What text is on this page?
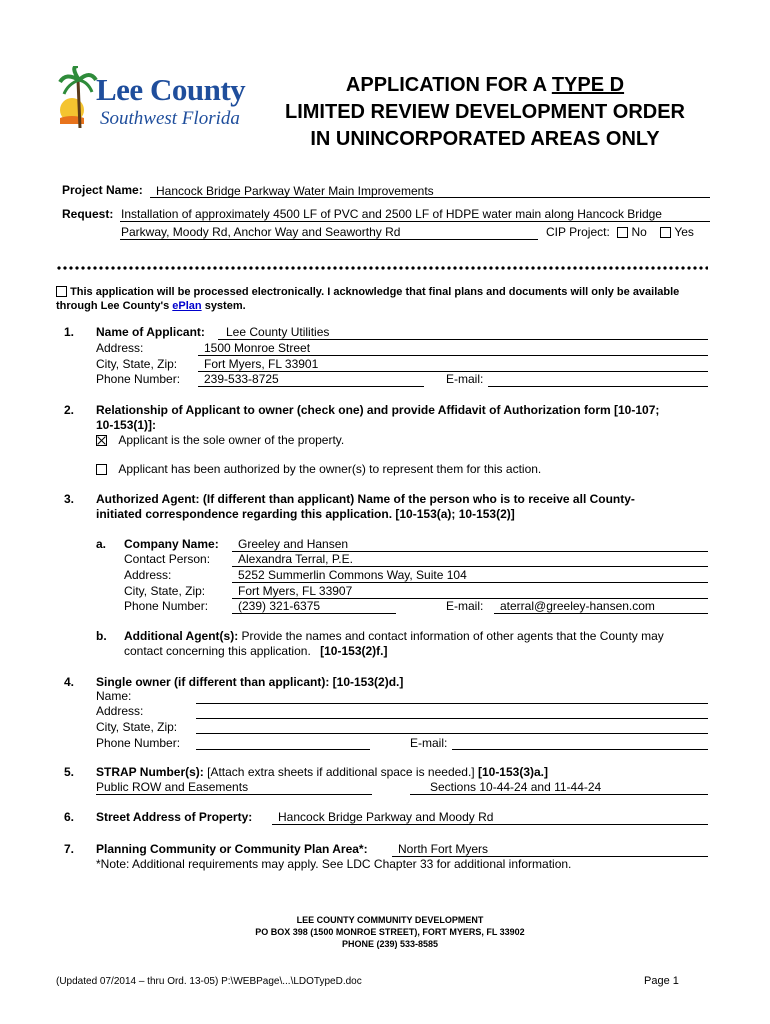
Lee County
Southwest Florida
APPLICATION FOR A TYPE D
LIMITED REVIEW DEVELOPMENT ORDER
IN UNINCORPORATED AREAS ONLY
Project Name: Hancock Bridge Parkway Water Main Improvements
Request: Installation of approximately 4500 LF of PVC and 2500 LF of HDPE water main along Hancock Bridge
Parkway, Moody Rd, Anchor Way and Seaworthy Rd	CIP Project: No Yes
This application will be processed electronically. I acknowledge that final plans and documents will only be available
through Lee County's ePlan system.
1. Name of Applicant: Lee County Utilities
Address:	1500 Monroe Street
City, State, Zip: Fort Myers, FL 33901
Phone Number: 239-533-8725	E-mail:
2. Relationship of Applicant to owner (check one) and provide Affidavit of Authorization form [10-107;
10-153(1)]:
Applicant is the sole owner of the property.
Applicant has been authorized by the owner(s) to represent them for this action.
3. Authorized Agent: (If different than applicant) Name of the person who is to receive all County-
initiated correspondence regarding this application. [10-153(a); 10-153(2)]
a. Company Name: Greeley and Hansen
Contact Person: Alexandra Terral, P.E.
Address:	5252 Summerlin Commons Way, Suite 104
City, State, Zip:	Fort Myers, FL 33907
Phone Number: (239) 321-6375	E-mail: aterral@greeley-hansen.com
b. Additional Agent(s): Provide the names and contact information of other agents that the County may
contact concerning this application. [10-153(2)f.]
4. Single owner (if different than applicant): [10-153(2)d.]
Name:
Address:
City, State, Zip:
Phone Number:	E-mail:
5. STRAP Number(s): [Attach extra sheets if additional space is needed.] [10-153(3)a.]
Public ROW and Easements	Sections 10-44-24 and 11-44-24
6. Street Address of Property: Hancock Bridge Parkway and Moody Rd
7. Planning Community or Community Plan Area*:	North Fort Myers
*Note: Additional requirements may apply. See LDC Chapter 33 for additional information.
LEE COUNTY COMMUNITY DEVELOPMENT
PO BOX 398 (1500 MONROE STREET), FORT MYERS, FL 33902
PHONE (239) 533-8585
(Updated 07/2014 – thru Ord. 13-05) P:\WEBPage\...\LDOTypeD.doc	Page 1
